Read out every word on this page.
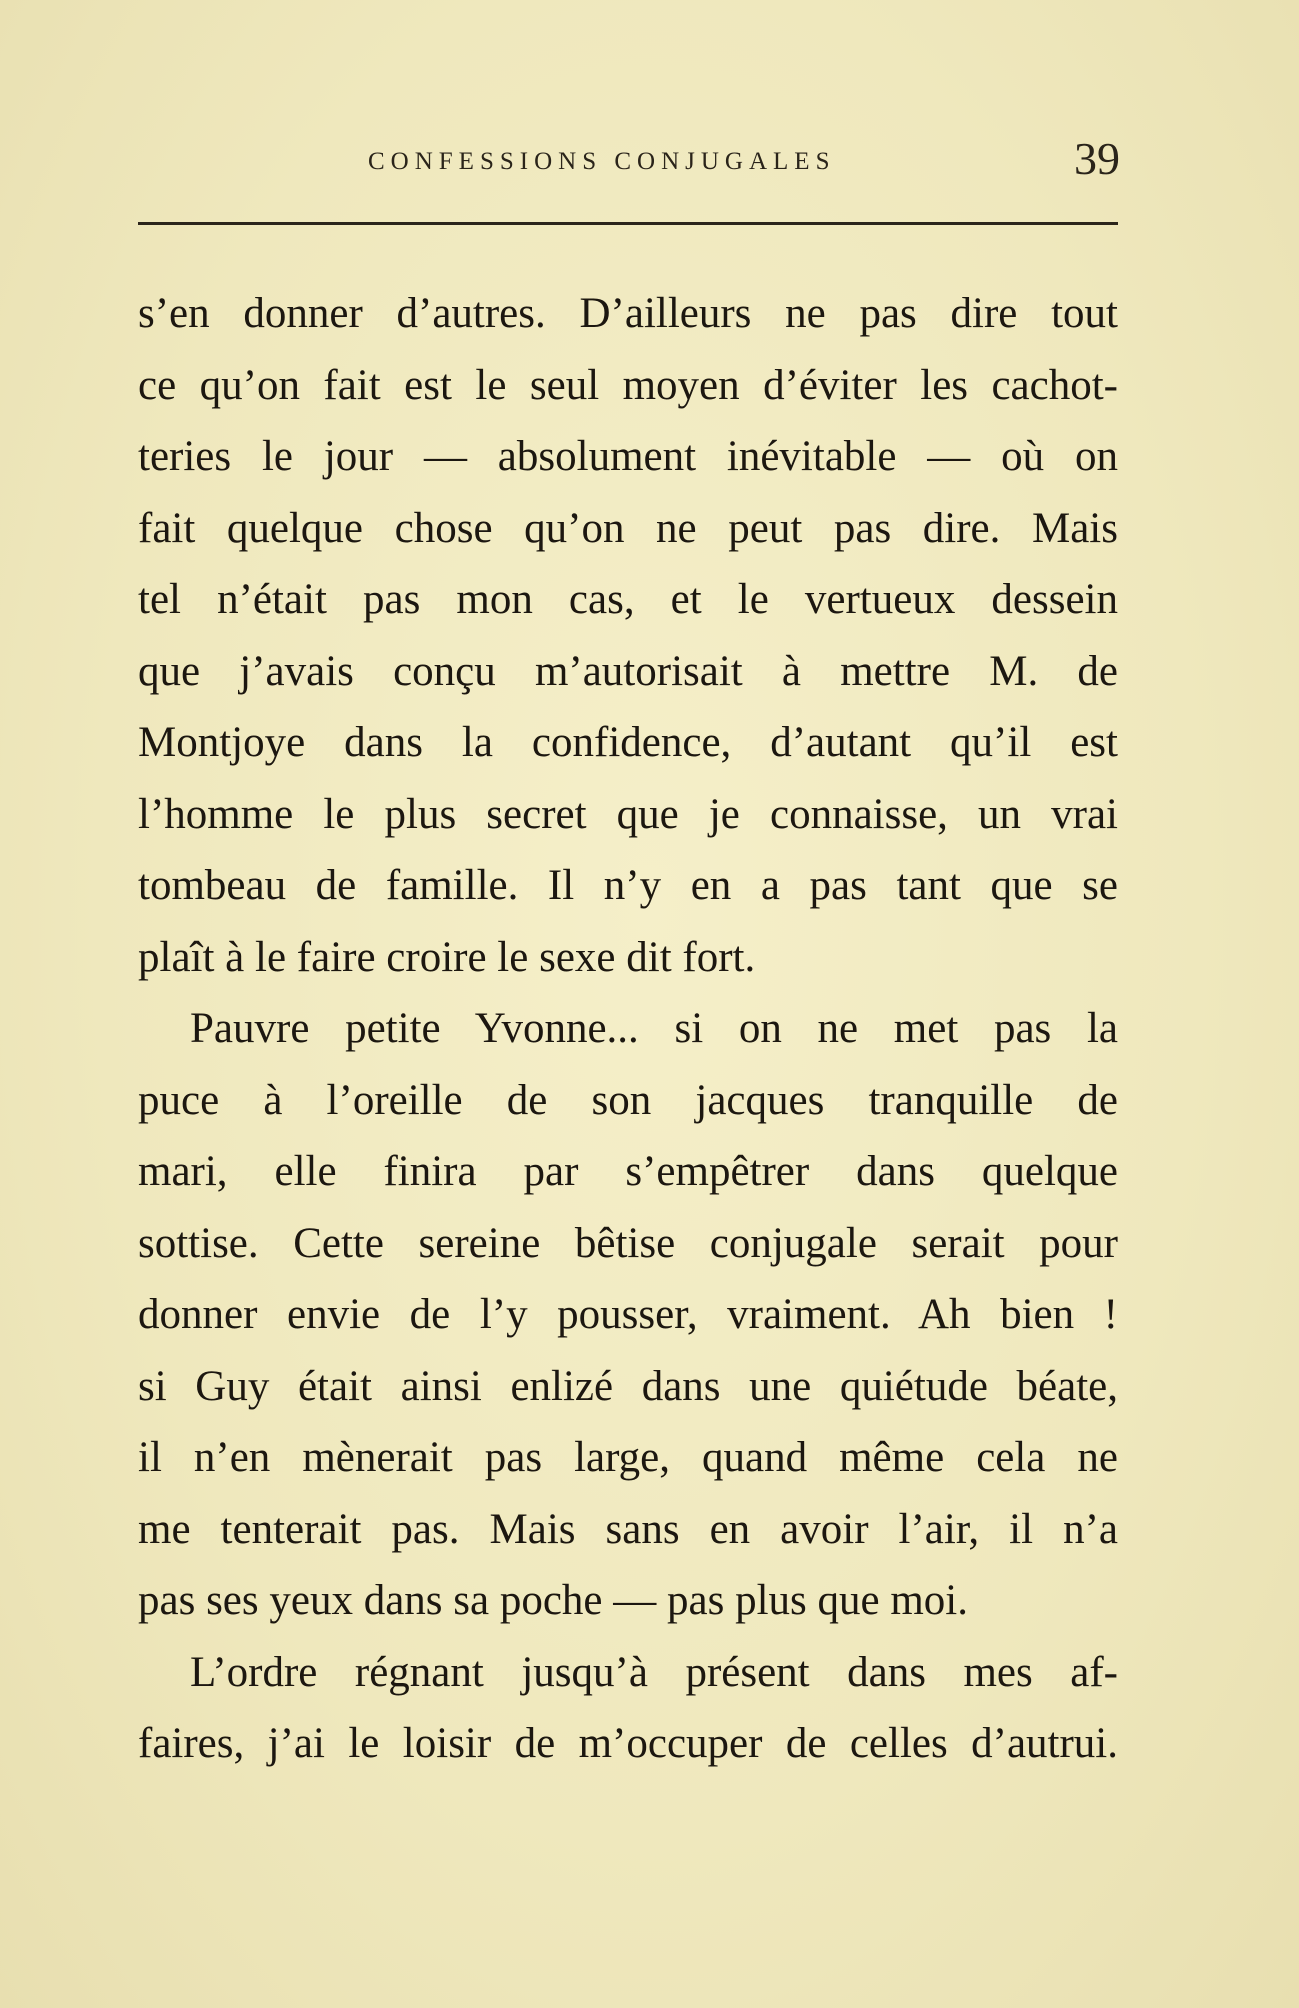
CONFESSIONS CONJUGALES	39
s’en donner d’autres. D’ailleurs ne pas dire tout
ce qu’on fait est le seul moyen d’éviter les cachot-
teries le jour — absolument inévitable — où on
fait quelque chose qu’on ne peut pas dire. Mais
tel n’était pas mon cas, et le vertueux dessein
que j’avais conçu m’autorisait à mettre M. de
Montjoye dans la confidence, d’autant qu’il est
l’homme le plus secret que je connaisse, un vrai
tombeau de famille. Il n’y en a pas tant que se
plaît à le faire croire le sexe dit fort.
Pauvre petite Yvonne... si on ne met pas la
puce à l’oreille de son jacques tranquille de
mari, elle finira par s’empêtrer dans quelque
sottise. Cette sereine bêtise conjugale serait pour
donner envie de l’y pousser, vraiment. Ah bien !
si Guy était ainsi enlizé dans une quiétude béate,
il n’en mènerait pas large, quand même cela ne
me tenterait pas. Mais sans en avoir l’air, il n’a
pas ses yeux dans sa poche — pas plus que moi.
L’ordre régnant jusqu’à présent dans mes af-
faires, j’ai le loisir de m’occuper de celles d’autrui.
